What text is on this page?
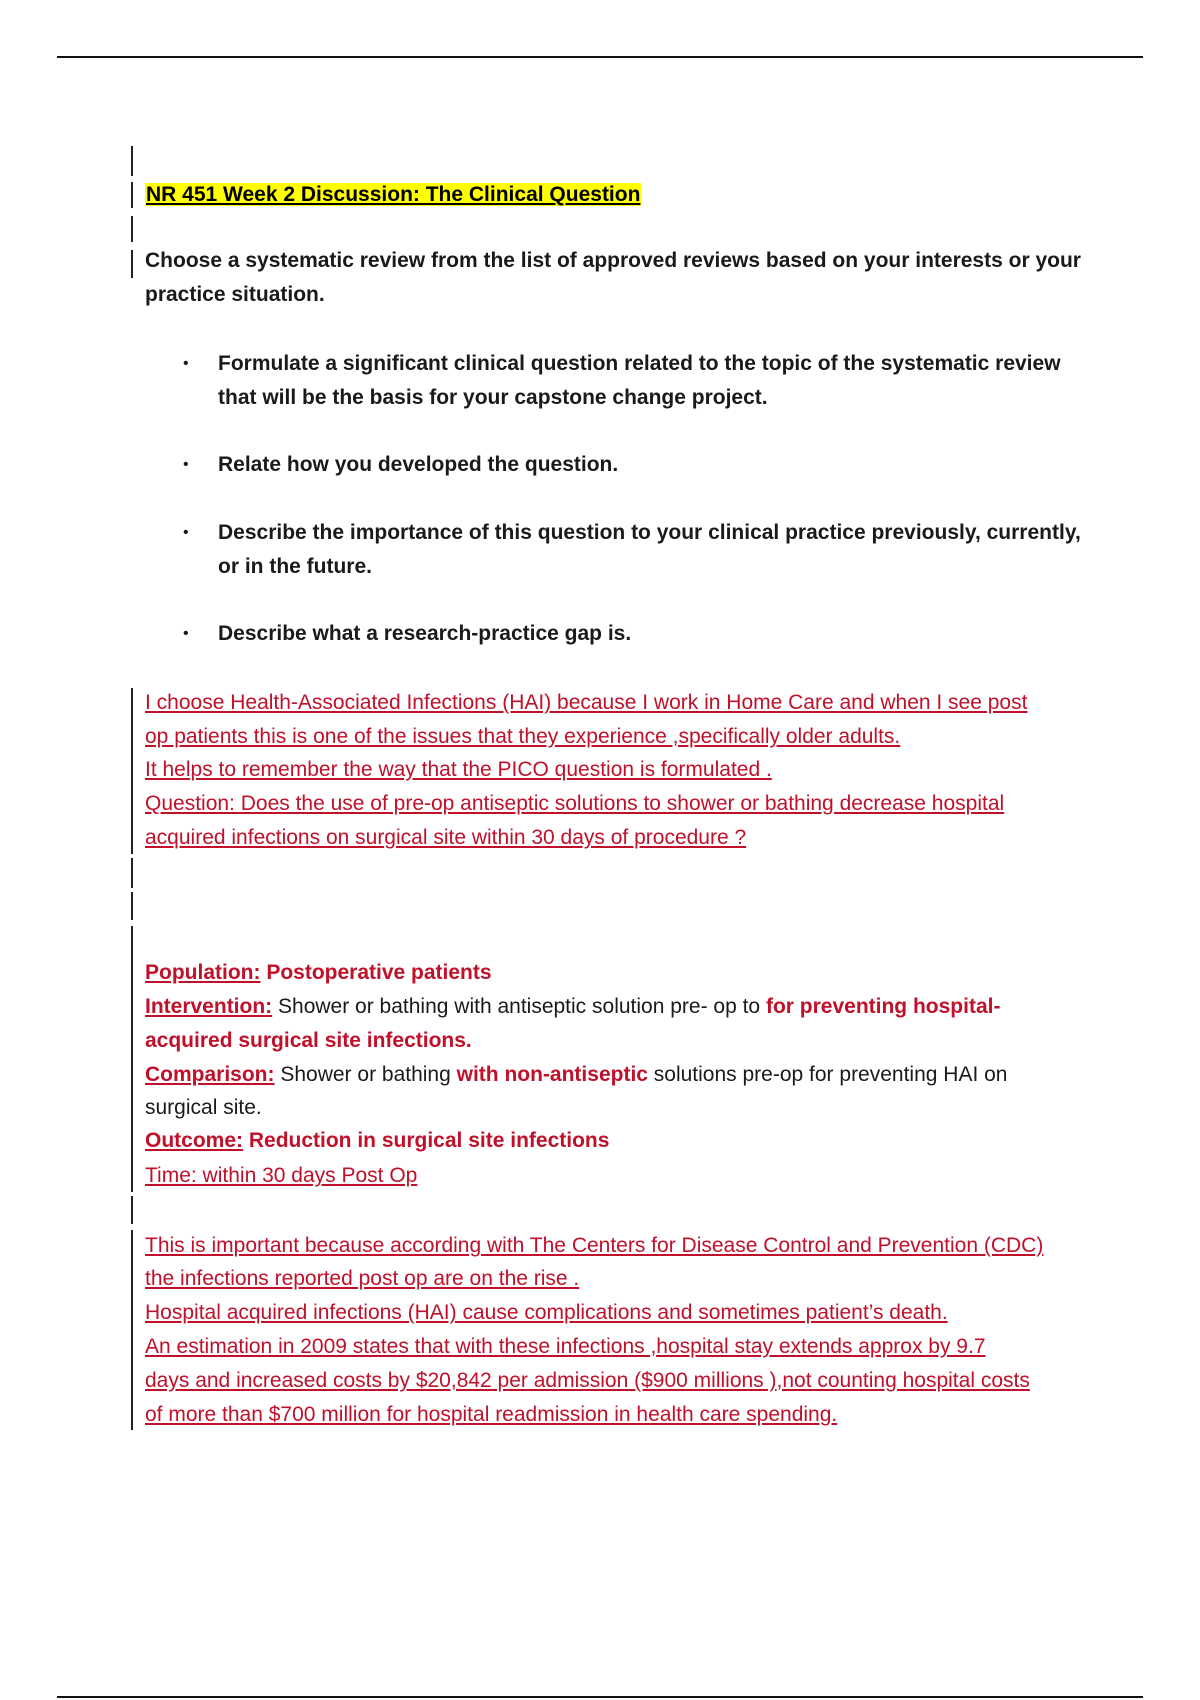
NR 451 Week 2 Discussion: The Clinical Question
Choose a systematic review from the list of approved reviews based on your interests or your
practice situation.
• Formulate a significant clinical question related to the topic of the systematic review
that will be the basis for your capstone change project.
• Relate how you developed the question.
• Describe the importance of this question to your clinical practice previously, currently,
or in the future.
• Describe what a research-practice gap is.
I choose Health-Associated Infections (HAI) because I work in Home Care and when I see post
op patients this is one of the issues that they experience ,specifically older adults.
It helps to remember the way that the PICO question is formulated .
Question: Does the use of pre-op antiseptic solutions to shower or bathing decrease hospital
acquired infections on surgical site within 30 days of procedure ?
Population: Postoperative patients
Intervention: Shower or bathing with antiseptic solution pre- op to for preventing hospital-
acquired surgical site infections.
Comparison: Shower or bathing with non-antiseptic solutions pre-op for preventing HAI on
surgical site.
Outcome: Reduction in surgical site infections
Time: within 30 days Post Op
This is important because according with The Centers for Disease Control and Prevention (CDC)
the infections reported post op are on the rise .
Hospital acquired infections (HAI) cause complications and sometimes patient’s death.
An estimation in 2009 states that with these infections ,hospital stay extends approx by 9.7
days and increased costs by $20,842 per admission ($900 millions ),not counting hospital costs
of more than $700 million for hospital readmission in health care spending.
